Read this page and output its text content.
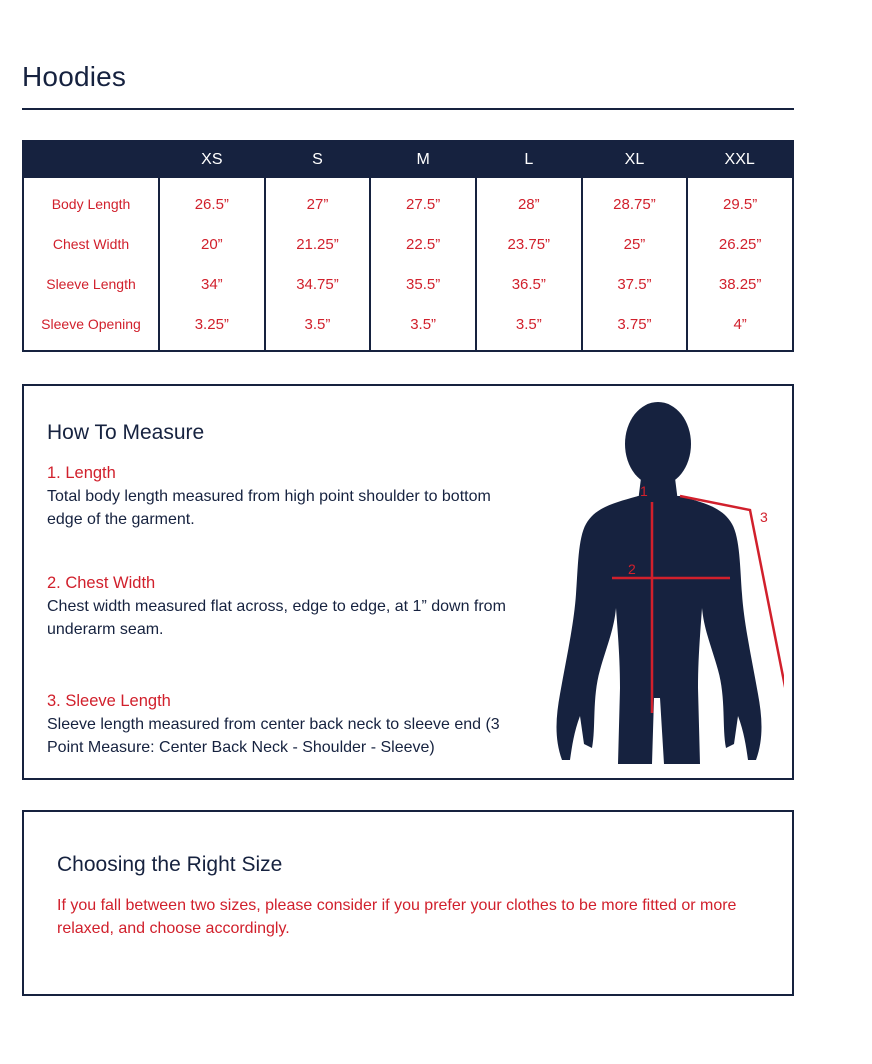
Hoodies
	XS	S	M	L	XL	XXL
Body Length	26.5”	27”	27.5”	28”	28.75”	29.5”
Chest Width	20”	21.25”	22.5”	23.75”	25”	26.25”
Sleeve Length	34”	34.75”	35.5”	36.5”	37.5”	38.25”
Sleeve Opening	3.25”	3.5”	3.5”	3.5”	3.75”	4”
How To Measure
1. Length
Total body length measured from high point shoulder to bottom edge of the garment.
2. Chest Width
Chest width measured flat across, edge to edge, at 1” down from underarm seam.
3. Sleeve Length
Sleeve length measured from center back neck to sleeve end (3 Point Measure: Center Back Neck - Shoulder - Sleeve)
1
2
3
Choosing the Right Size

If you fall between two sizes, please consider if you prefer your clothes to be more fitted or more relaxed, and choose accordingly.
